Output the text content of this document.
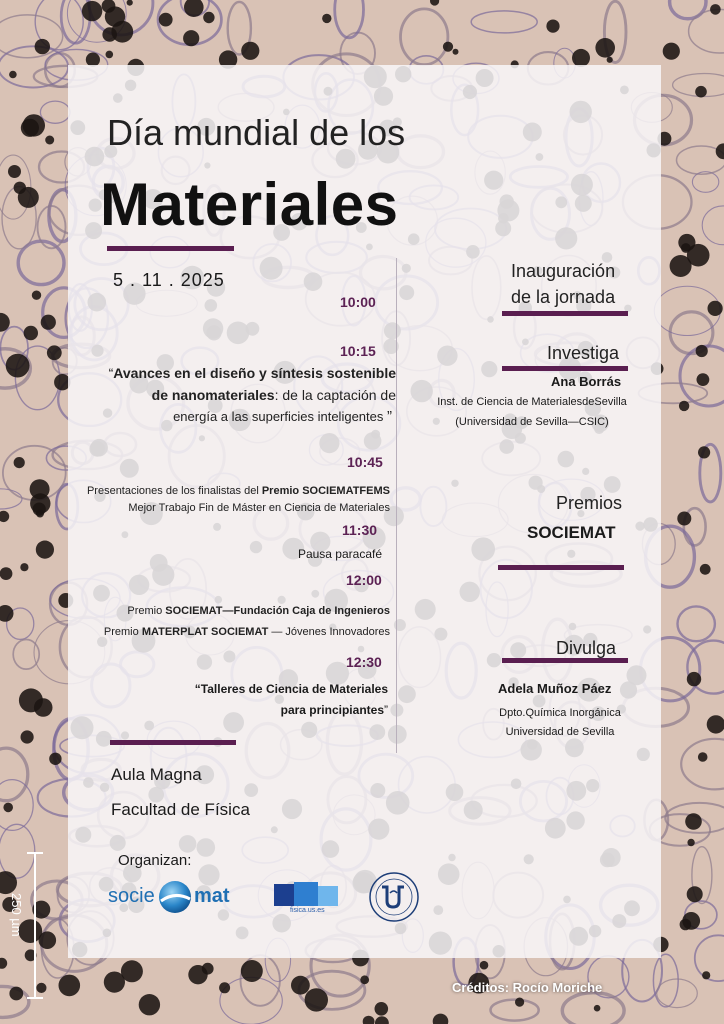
Día mundial de los
Materiales
5 . 11 . 2025
10:00
10:15
“Avances en el diseño y síntesis sostenible
de nanomateriales: de la captación de
energía a las superficies inteligentes ”
10:45
Presentaciones de los finalistas del Premio SOCIEMATFEMS
Mejor Trabajo Fin de Máster en Ciencia de Materiales
11:30
Pausa paracafé
12:00
Premio SOCIEMAT—Fundación Caja de Ingenieros
Premio MATERPLAT SOCIEMAT — Jóvenes Innovadores
12:30
“Talleres de Ciencia de Materiales
para principiantes”
Inauguración
de la jornada
Investiga
Ana Borrás
Inst. de Ciencia de MaterialesdeSevilla
(Universidad de Sevilla—CSIC)
Premios
SOCIEMAT
Divulga
Adela Muñoz Páez
Dpto.Química Inorgánica
Universidad de Sevilla
Aula Magna
Facultad de Física
Organizan:
socie mat
fisica.us.es
250 µm
Créditos: Rocío Moriche
